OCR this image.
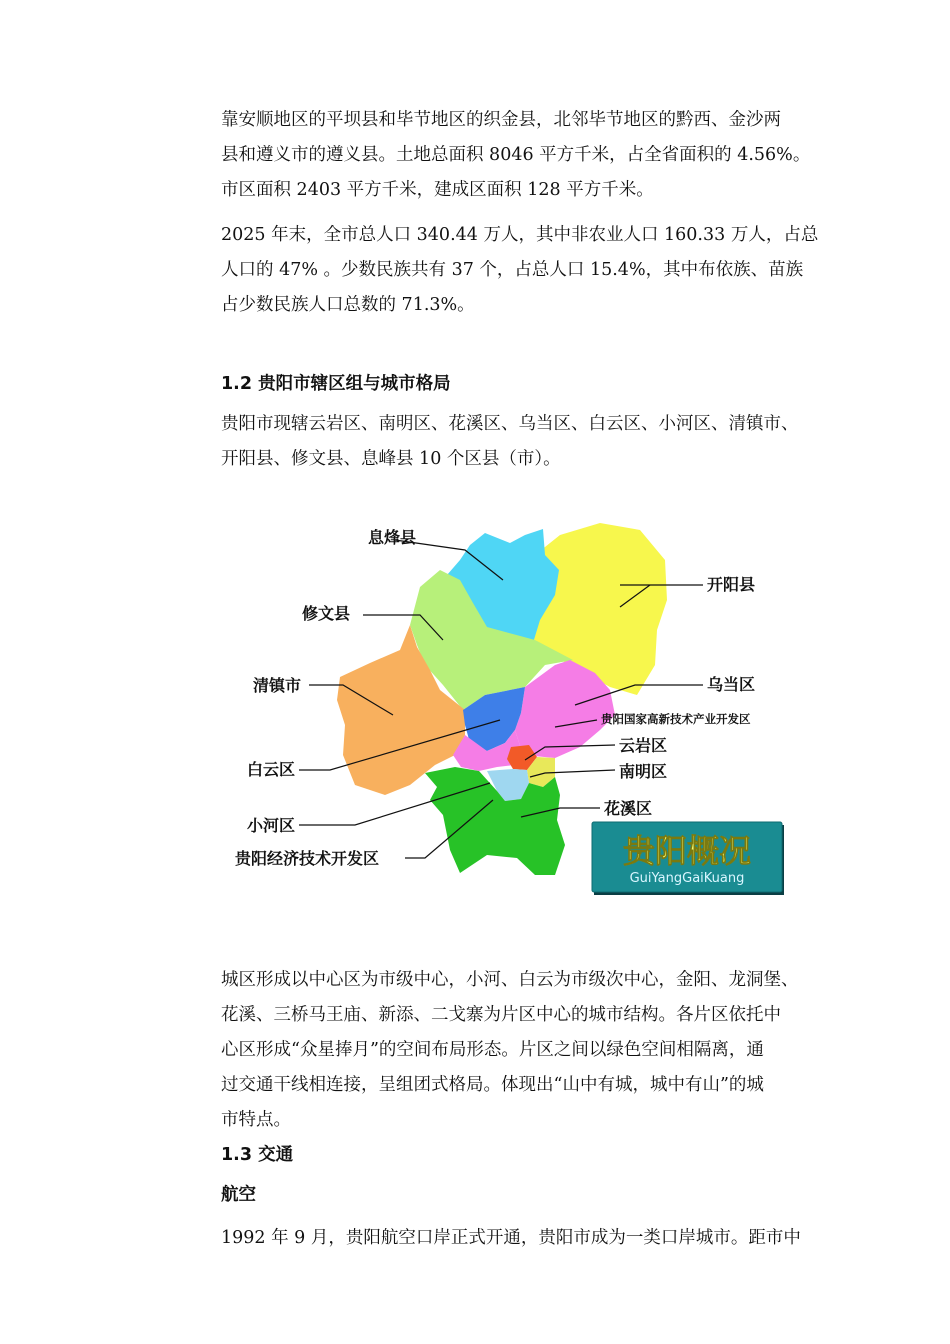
靠安顺地区的平坝县和毕节地区的织金县，北邻毕节地区的黔西、金沙两
县和遵义市的遵义县。土地总面积 8046 平方千米，占全省面积的 4.56%。
市区面积 2403 平方千米，建成区面积 128 平方千米。
2025 年末，全市总人口 340.44 万人，其中非农业人口 160.33 万人，占总
人口的 47% 。少数民族共有 37 个，占总人口 15.4%，其中布依族、苗族
占少数民族人口总数的 71.3%。
1.2 贵阳市辖区组与城市格局
贵阳市现辖云岩区、南明区、花溪区、乌当区、白云区、小河区、清镇市、
开阳县、修文县、息峰县 10 个区县（市）。
息烽县
开阳县
修文县
清镇市	乌当区
贵阳国家高新技术产业开发区
云岩区
白云区	南明区
花溪区
小河区
贵阳经济技术开发区	贵阳概况
GuiYangGaiKuang
城区形成以中心区为市级中心，小河、白云为市级次中心，金阳、龙洞堡、
花溪、三桥马王庙、新添、二戈寨为片区中心的城市结构。各片区依托中
心区形成“众星捧月”的空间布局形态。片区之间以绿色空间相隔离，通
过交通干线相连接，呈组团式格局。体现出“山中有城，城中有山”的城
市特点。
1.3 交通
航空
1992 年 9 月，贵阳航空口岸正式开通，贵阳市成为一类口岸城市。距市中
